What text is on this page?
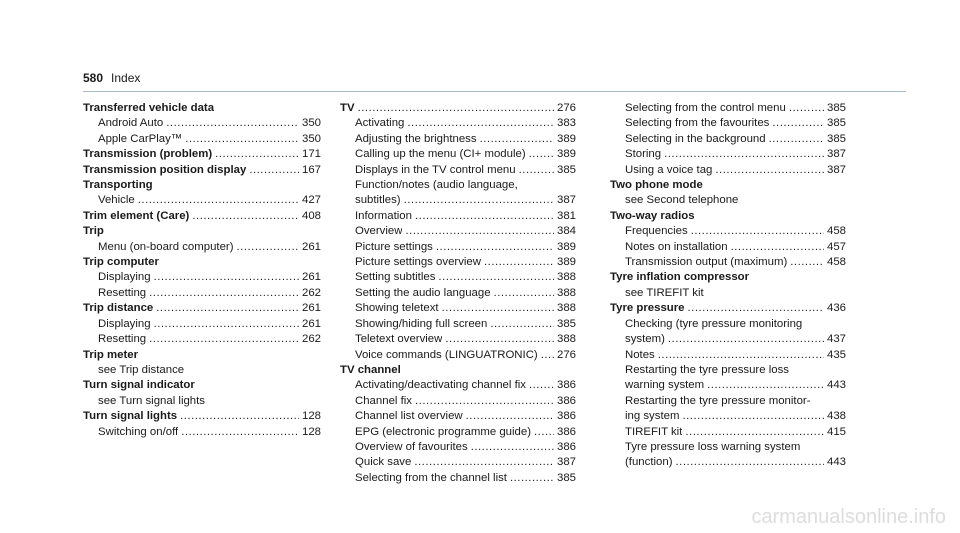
580 Index
Transferred vehicle data
Android Auto .....	350
Apple CarPlay™ .....	350
Transmission (problem) .....	171
Transmission position display .....	167
Transporting
Vehicle .....	427
Trim element (Care) .....	408
Trip
Menu (on-board computer) .....	261
Trip computer
Displaying .....	261
Resetting .....	262
Trip distance .....	261
Displaying .....	261
Resetting .....	262
Trip meter
see Trip distance
Turn signal indicator
see Turn signal lights
Turn signal lights .....	128
Switching on/off .....	128
TV .....	276
Activating .....	383
Adjusting the brightness .....	389
Calling up the menu (CI+ module) .....	389
Displays in the TV control menu .....	385
Function/notes (audio language,
subtitles) .....	387
Information .....	381
Overview .....	384
Picture settings .....	389
Picture settings overview .....	389
Setting subtitles .....	388
Setting the audio language .....	388
Showing teletext .....	388
Showing/hiding full screen .....	385
Teletext overview .....	388
Voice commands (LINGUATRONIC) ..... 276
TV channel
Activating/deactivating channel fix .....	386
Channel fix .....	386
Channel list overview .....	386
EPG (electronic programme guide) ..... 386
Overview of favourites .....	386
Quick save .....	387
Selecting from the channel list .....	385
Selecting from the control menu .....	385
Selecting from the favourites .....	385
Selecting in the background .....	385
Storing .....	387
Using a voice tag .....	387
Two phone mode
see Second telephone
Two-way radios
Frequencies .....	458
Notes on installation .....	457
Transmission output (maximum) .....	458
Tyre inflation compressor
see TIREFIT kit
Tyre pressure .....	436
Checking (tyre pressure monitoring
system) .....	437
Notes .....	435
Restarting the tyre pressure loss
warning system .....	443
Restarting the tyre pressure monitor-
ing system .....	438
TIREFIT kit .....	415
Tyre pressure loss warning system
(function) .....	443
carmanualsonline.info
